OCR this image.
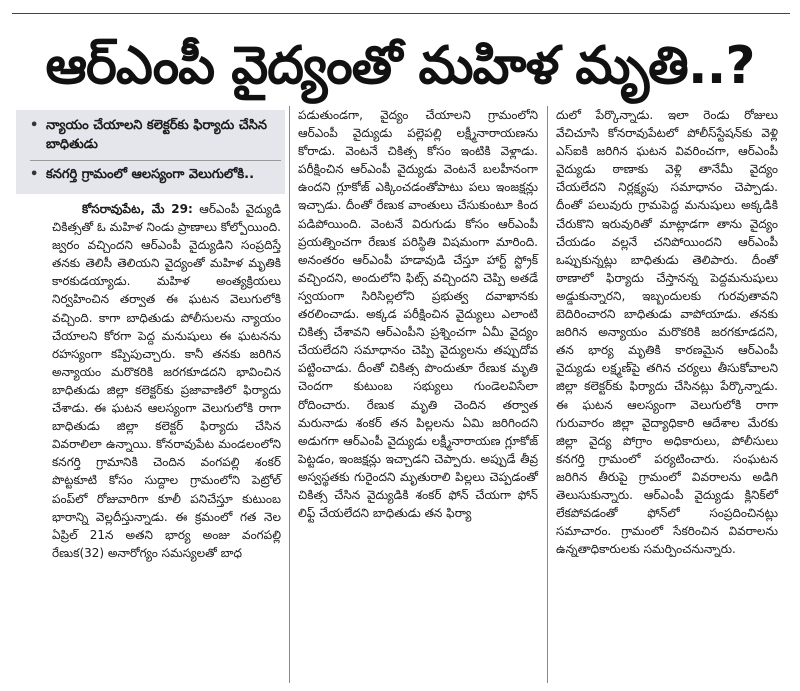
ఆర్‌ఎంపీ వైద్యంతో మహిళ మృతి..?
• న్యాయం చేయాలని కలెక్టర్‌కు ఫిర్యాదు చేసిన బాధితుడు
• కనగర్తి గ్రామంలో ఆలస్యంగా వెలుగులోకి..

కోసరావుపేట, మే 29: ఆర్‌ఎంపీ వైద్యుడి చికిత్సతో ఓ మహిళ నిండు ప్రాణాలు కోల్పోయింది. జ్వరం వచ్చిందని ఆర్‌ఎంపీ వైద్యుడిని సంప్రదిస్తే తనకు తెలిసీ తెలియని వైద్యంతో మహిళ మృతికి కారకుడయ్యాడు. మహిళ అంత్యక్రియలు నిర్వహించిన తర్వాత ఈ ఘటన వెలుగులోకి వచ్చింది. కాగా బాధితుడు పోలీసులను న్యాయం చేయాలని కోరగా పెద్ద మనుషులు ఈ ఘటనను రహస్యంగా కప్పిపుచ్చారు. కానీ తనకు జరిగిన అన్యాయం మరొకరికి జరగకూడదని భావించిన బాధితుడు జిల్లా కలెక్టర్‌కు ప్రజావాణిలో ఫిర్యాదు చేశాడు. ఈ ఘటన ఆలస్యంగా వెలుగులోకి రాగా బాధితుడు జిల్లా కలెక్టర్ ఫిర్యాదు చేసిన వివరాలిలా ఉన్నాయి. కోనరావుపేట మండలంలోని కనగర్తి గ్రామానికి చెందిన వంగపల్లి శంకర్ పొట్టకూటి కోసం సుద్దాల గ్రామంలోని పెట్రోల్ పంప్‌లో రోజువారిగా కూలీ పనిచేస్తూ కుటుంబ భారాన్ని వెల్లదీస్తున్నాడు. ఈ క్రమంలో గత నెల ఏప్రిల్ 21న అతని భార్య అంజు వంగపల్లి రేణుక(32) అనారోగ్యం సమస్యలతో బాధ

పడుతుండగా, వైద్యం చేయాలని గ్రామంలోని ఆర్‌ఎంపీ వైద్యుడు పల్లెపల్లి లక్ష్మీనారాయణను కోరాడు. వెంటనే చికిత్స కోసం ఇంటికి వెళ్లాడు. పరీక్షించిన ఆర్‌ఎంపీ వైద్యుడు వెంటనే బలహీనంగా ఉందని గ్లూకోజ్ ఎక్కించడంతోపాటు పలు ఇంజక్షన్లు ఇచ్చాడు. దీంతో రేణుక వాంతులు చేసుకుంటూ కింద పడిపోయింది. వెంటనే విరుగుడు కోసం ఆర్‌ఎంపీ ప్రయత్నించగా రేణుక పరిస్థితి విషమంగా మారింది. అనంతరం ఆర్‌ఎంపీ హడావుడి చేస్తూ హార్ట్ స్ట్రోక్ వచ్చిందని, అందులోని ఫిట్స్ వచ్చిందని చెప్పి అతడే స్వయంగా సిరిసిల్లలోని ప్రభుత్వ దవాఖానకు తరలించాడు. అక్కడ పరీక్షించిన వైద్యులు ఎలాంటి చికిత్స చేశావని ఆర్‌ఎంపీని ప్రశ్నించగా ఏమీ వైద్యం చేయలేదని సమాధానం చెప్పి వైద్యులను తప్పుదోవ పట్టించాడు. దీంతో చికిత్స పొందుతూ రేణుక మృతి చెందగా కుటుంబ సభ్యులు గుండెలవిసేలా రోదించారు. రేణుక మృతి చెందిన తర్వాత మరునాడు శంకర్ తన పిల్లలను ఏమి జరిగిందని అడుగగా ఆర్‌ఎంపీ వైద్యుడు లక్ష్మీనారాయణ గ్లూకోజ్ పెట్టడం, ఇంజక్షన్లు ఇచ్చాడని చెప్పారు. అప్పుడే తీవ్ర అస్వస్థతకు గురైందని మృతురాలి పిల్లలు చెప్పడంతో చికిత్స చేసిన వైద్యుడికి శంకర్ ఫోన్ చేయగా ఫోన్ లిఫ్ట్ చేయలేదని బాధితుడు తన ఫిర్యా

దులో పేర్కొన్నాడు. ఇలా రెండు రోజులు వేచిచూసి కోనరావుపేటలో పోలీస్‌స్టేషన్‌కు వెళ్లి ఎస్ఐకి జరిగిన ఘటన వివరించగా, ఆర్‌ఎంపీ వైద్యుడు ఠాణాకు వెళ్లి తానేమీ వైద్యం చేయలేదని నిర్లక్ష్యపు సమాధానం చెప్పాడు. దీంతో పలువురు గ్రామపెద్ద మనుషులు అక్కడికి చేరుకొని ఇరువురితో మాట్లాడగా తాను వైద్యం చేయడం వల్లనే చనిపోయిందని ఆర్‌ఎంపీ ఒప్పుకున్నట్లు బాధితుడు తెలిపారు. దీంతో ఠాణాలో ఫిర్యాదు చేస్తానన్న పెద్దమనుషులు అడ్డుకున్నారని, ఇబ్బందులకు గురవుతావని బెదిరించారని బాధితుడు వాపోయాడు. తనకు జరిగిన అన్యాయం మరొకరికి జరగకూడదని, తన భార్య మృతికి కారణమైన ఆర్‌ఎంపీ వైద్యుడు లక్ష్మణ్‌పై తగిన చర్యలు తీసుకోవాలని జిల్లా కలెక్టర్‌కు ఫిర్యాదు చేసినట్లు పేర్కొన్నాడు. ఈ ఘటన ఆలస్యంగా వెలుగులోకి రాగా గురువారం జిల్లా వైద్యాధికారి ఆదేశాల మేరకు జిల్లా వైద్య పోగ్రాం అధికారులు, పోలీసులు కనగర్తి గ్రామంలో పర్యటించారు. సంఘటన జరిగిన తీరుపై గ్రామంలో వివరాలను అడిగి తెలుసుకున్నారు. ఆర్‌ఎంపీ వైద్యుడు క్లినిక్‌లో లేకపోవడంతో ఫోన్‌లో సంప్రదించినట్లు సమాచారం. గ్రామంలో సేకరించిన వివరాలను ఉన్నతాధికారులకు సమర్పించనున్నారు.
